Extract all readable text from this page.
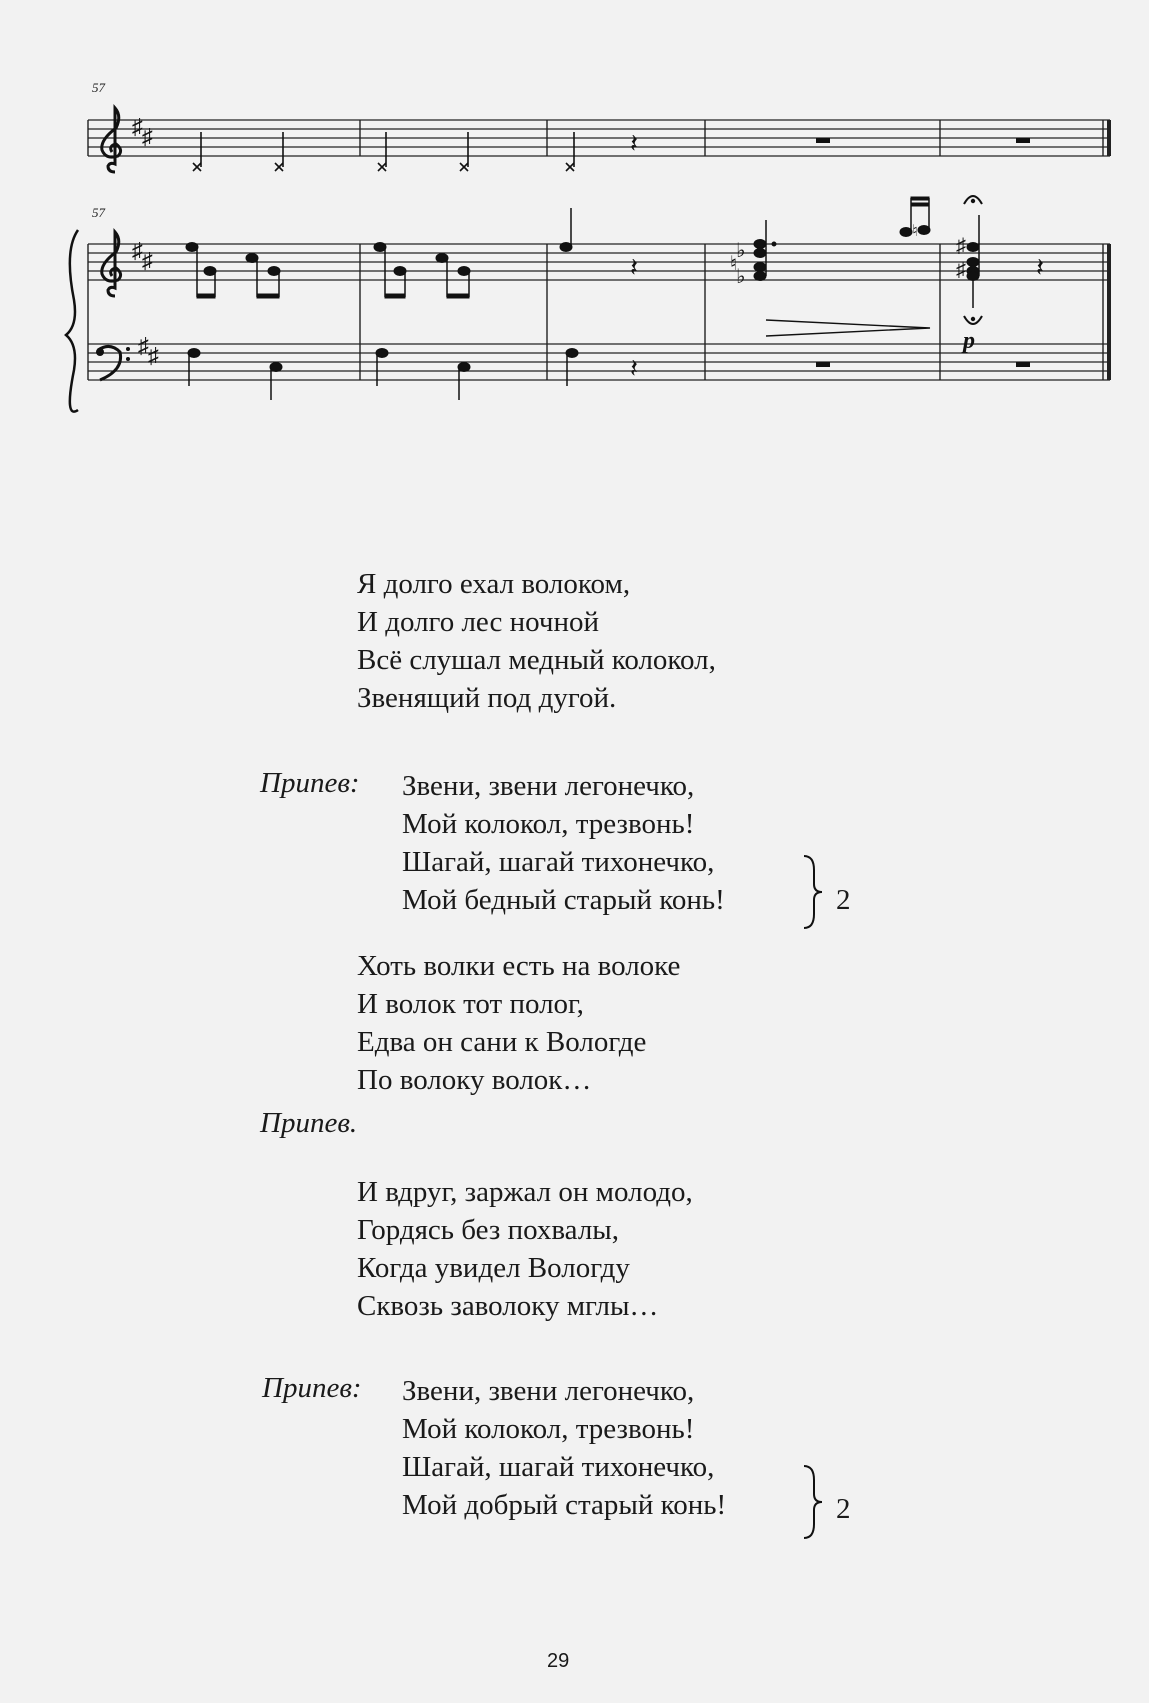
57
57
♯ ♯	𝄽
♯ ♯
♯ ♯
𝄽
♭
♮
♭
♮
♯
♯
p
𝄽
𝄽
Я долго ехал волоком,
И долго лес ночной
Всё слушал медный колокол,
Звенящий под дугой.
Припев: Звени, звени легонечко,
Мой колокол, трезвонь!
Шагай, шагай тихонечко,
Мой бедный старый конь!	2
Хоть волки есть на волоке
И волок тот полог,
Едва он сани к Вологде
По волоку волок…
Припев.
И вдруг, заржал он молодо,
Гордясь без похвалы,
Когда увидел Вологду
Сквозь заволоку мглы…
Припев: Звени, звени легонечко,
Мой колокол, трезвонь!
Шагай, шагай тихонечко,
Мой добрый старый конь!	2
29
